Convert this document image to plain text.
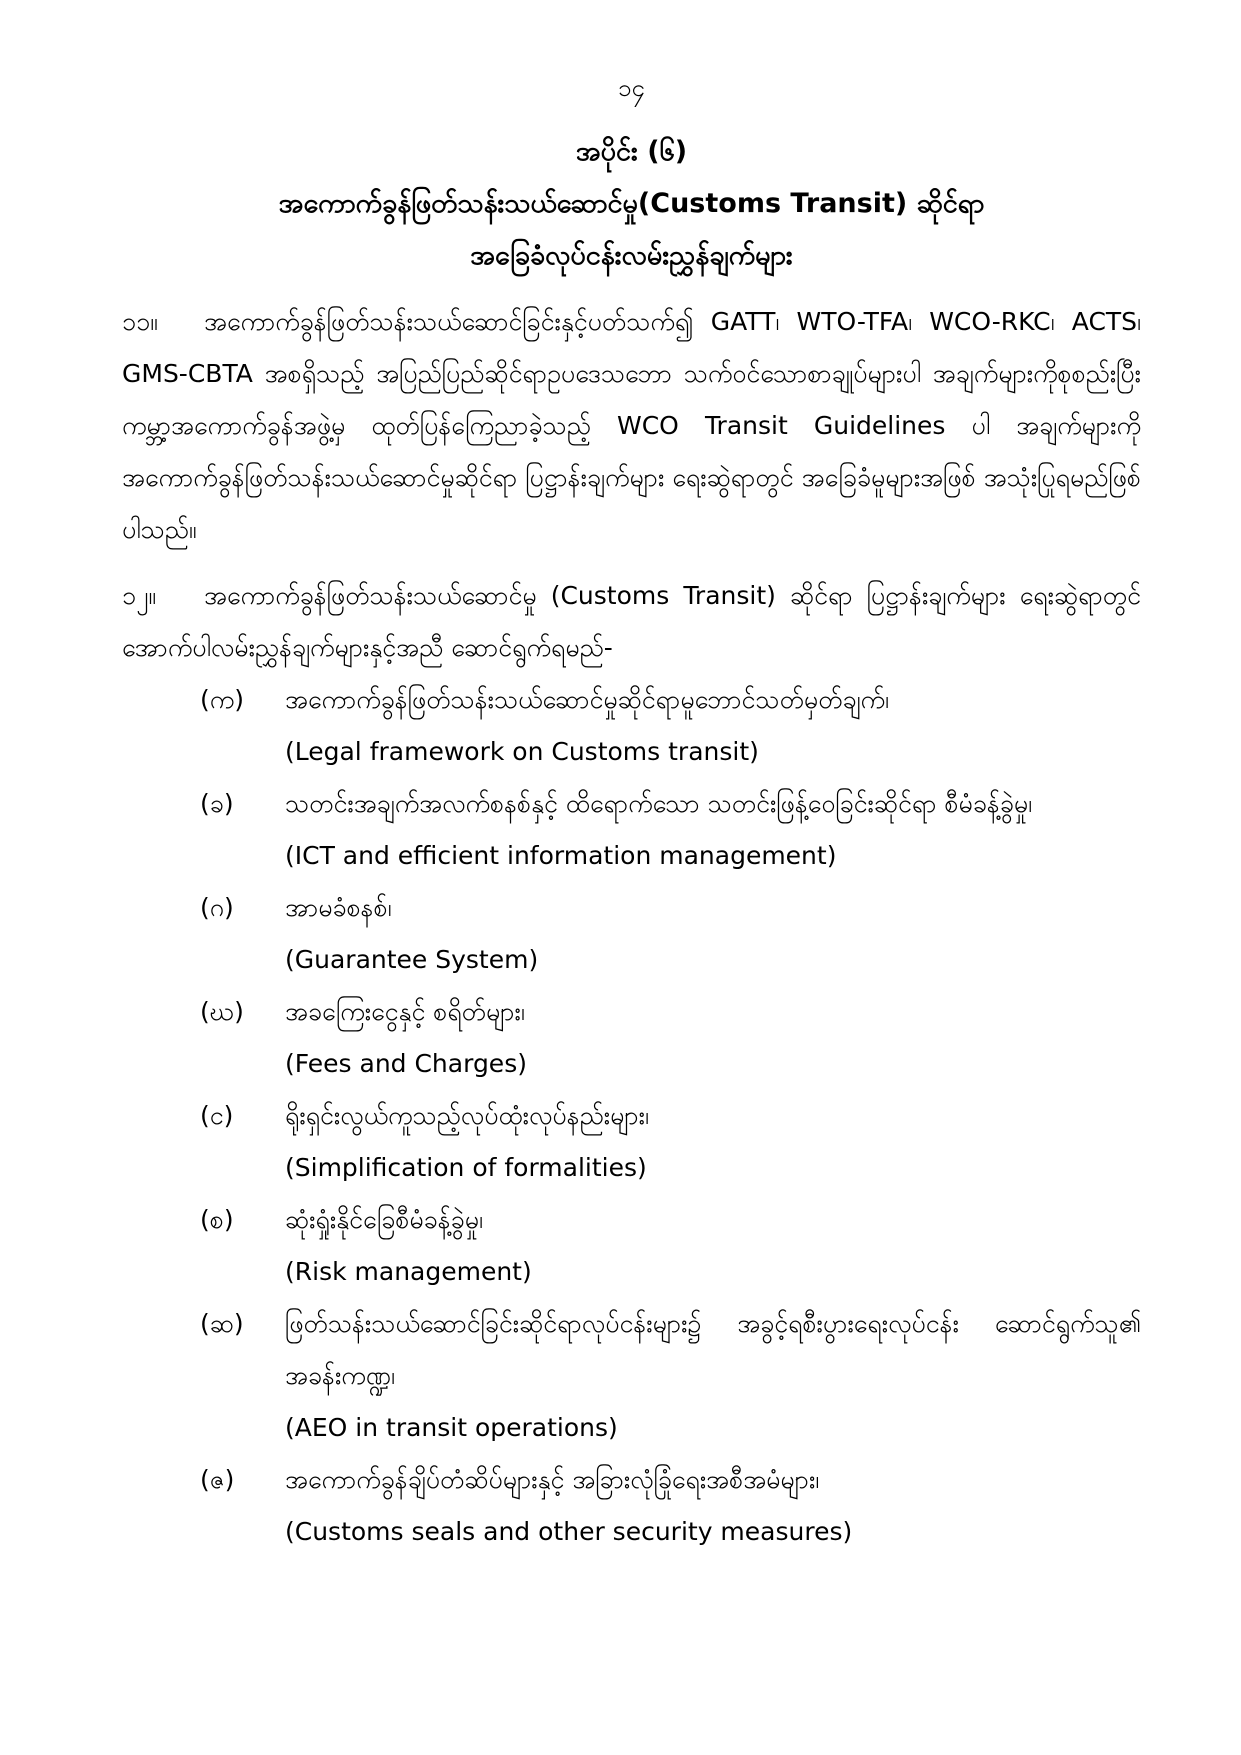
၁၄
အပိုင်း (၆)
အကောက်ခွန်ဖြတ်သန်းသယ်ဆောင်မှု(Customs Transit) ဆိုင်ရာ
အခြေခံလုပ်ငန်းလမ်းညွှန်ချက်များ

၁၁။ အကောက်ခွန်ဖြတ်သန်းသယ်ဆောင်ခြင်းနှင့်ပတ်သက်၍ GATT၊ WTO-TFA၊ WCO-RKC၊ ACTS၊ GMS-CBTA အစရှိသည့် အပြည်ပြည်ဆိုင်ရာဥပဒေသဘော သက်ဝင်သောစာချုပ်များပါ အချက်များကိုစုစည်းပြီး ကမ္ဘာ့အကောက်ခွန်အဖွဲ့မှ ထုတ်ပြန်ကြေညာခဲ့သည့် WCO Transit Guidelines ပါ အချက်များကို အကောက်ခွန်ဖြတ်သန်းသယ်ဆောင်မှုဆိုင်ရာ ပြဋ္ဌာန်းချက်များ ရေးဆွဲရာတွင် အခြေခံမူများအဖြစ် အသုံးပြုရမည်ဖြစ်ပါသည်။

၁၂။ အကောက်ခွန်ဖြတ်သန်းသယ်ဆောင်မှု (Customs Transit) ဆိုင်ရာ ပြဋ္ဌာန်းချက်များ ရေးဆွဲရာတွင် အောက်ပါလမ်းညွှန်ချက်များနှင့်အညီ ဆောင်ရွက်ရမည်-

(က)	အကောက်ခွန်ဖြတ်သန်းသယ်ဆောင်မှုဆိုင်ရာမူဘောင်သတ်မှတ်ချက်၊
(Legal framework on Customs transit)
(ခ)	သတင်းအချက်အလက်စနစ်နှင့် ထိရောက်သော သတင်းဖြန့်ဝေခြင်းဆိုင်ရာ စီမံခန့်ခွဲမှု၊
(ICT and efficient information management)
(ဂ)	အာမခံစနစ်၊
(Guarantee System)
(ဃ)	အခကြေးငွေနှင့် စရိတ်များ၊
(Fees and Charges)
(င)	ရိုးရှင်းလွယ်ကူသည့်လုပ်ထုံးလုပ်နည်းများ၊
(Simplification of formalities)
(စ)	ဆုံးရှုံးနိုင်ခြေစီမံခန့်ခွဲမှု၊
(Risk management)
(ဆ)	ဖြတ်သန်းသယ်ဆောင်ခြင်းဆိုင်ရာလုပ်ငန်းများ၌ အခွင့်ရစီးပွားရေးလုပ်ငန်း ဆောင်ရွက်သူ၏ အခန်းကဏ္ဍ၊
(AEO in transit operations)
(ဇ)	အကောက်ခွန်ချိပ်တံဆိပ်များနှင့် အခြားလုံခြုံရေးအစီအမံများ၊
(Customs seals and other security measures)
